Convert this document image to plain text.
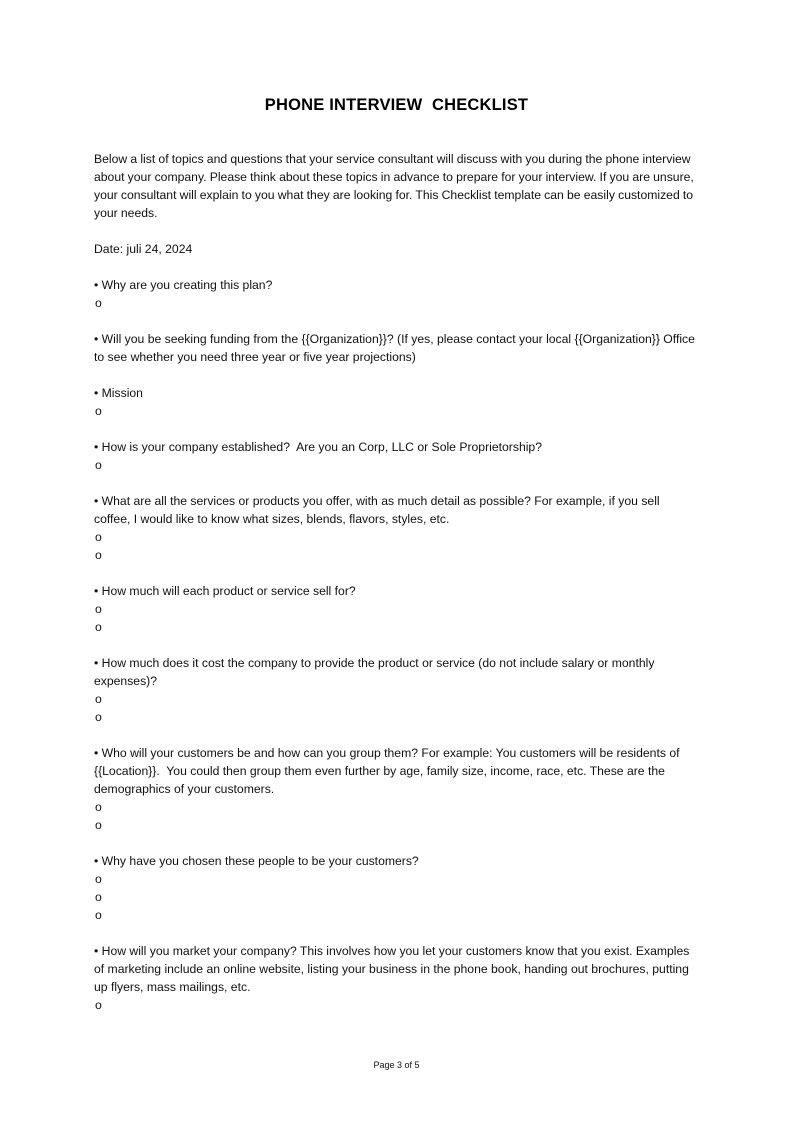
PHONE INTERVIEW  CHECKLIST

Below a list of topics and questions that your service consultant will discuss with you during the phone interview about your company. Please think about these topics in advance to prepare for your interview. If you are unsure, your consultant will explain to you what they are looking for. This Checklist template can be easily customized to your needs.

Date: juli 24, 2024

• Why are you creating this plan?

o

• Will you be seeking funding from the {{Organization}}? (If yes, please contact your local {{Organization}} Office to see whether you need three year or five year projections)

• Mission

o

• How is your company established?  Are you an Corp, LLC or Sole Proprietorship?

o

• What are all the services or products you offer, with as much detail as possible? For example, if you sell coffee, I would like to know what sizes, blends, flavors, styles, etc.

o

o

• How much will each product or service sell for?

o

o

• How much does it cost the company to provide the product or service (do not include salary or monthly expenses)?

o

o

• Who will your customers be and how can you group them? For example: You customers will be residents of {{Location}}.  You could then group them even further by age, family size, income, race, etc. These are the demographics of your customers.

o

o

• Why have you chosen these people to be your customers?

o

o

o

• How will you market your company? This involves how you let your customers know that you exist. Examples of marketing include an online website, listing your business in the phone book, handing out brochures, putting up flyers, mass mailings, etc.

o

Page 3 of 5
